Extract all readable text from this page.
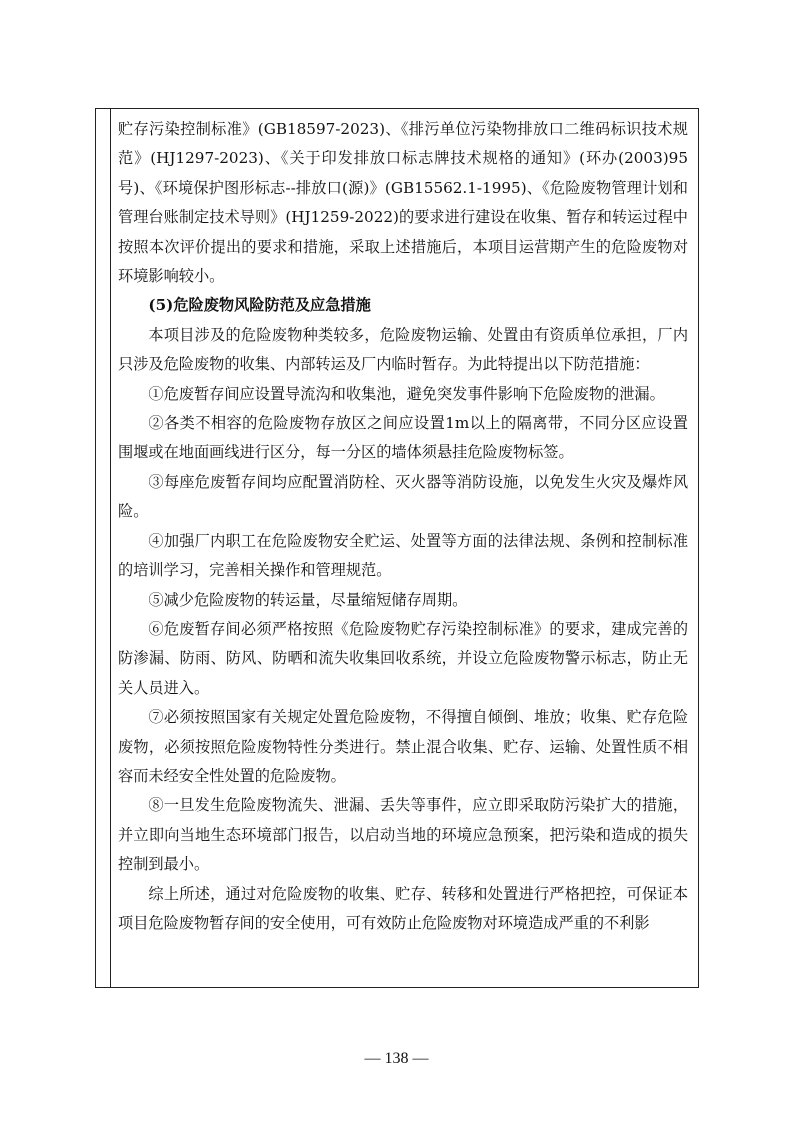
贮存污染控制标准》(GB18597-2023)、《排污单位污染物排放口二维码标识技术规范》(HJ1297-2023)、《关于印发排放口标志牌技术规格的通知》(环办(2003)95号)、《环境保护图形标志--排放口(源)》(GB15562.1-1995)、《危险废物管理计划和管理台账制定技术导则》(HJ1259-2022)的要求进行建设在收集、暂存和转运过程中按照本次评价提出的要求和措施，采取上述措施后，本项目运营期产生的危险废物对环境影响较小。

(5)危险废物风险防范及应急措施

本项目涉及的危险废物种类较多，危险废物运输、处置由有资质单位承担，厂内只涉及危险废物的收集、内部转运及厂内临时暂存。为此特提出以下防范措施：

①危废暂存间应设置导流沟和收集池，避免突发事件影响下危险废物的泄漏。

②各类不相容的危险废物存放区之间应设置1m以上的隔离带，不同分区应设置围堰或在地面画线进行区分，每一分区的墙体须悬挂危险废物标签。

③每座危废暂存间均应配置消防栓、灭火器等消防设施，以免发生火灾及爆炸风险。

④加强厂内职工在危险废物安全贮运、处置等方面的法律法规、条例和控制标准的培训学习，完善相关操作和管理规范。

⑤减少危险废物的转运量，尽量缩短储存周期。

⑥危废暂存间必须严格按照《危险废物贮存污染控制标准》的要求，建成完善的防渗漏、防雨、防风、防晒和流失收集回收系统，并设立危险废物警示标志，防止无关人员进入。

⑦必须按照国家有关规定处置危险废物，不得擅自倾倒、堆放；收集、贮存危险废物，必须按照危险废物特性分类进行。禁止混合收集、贮存、运输、处置性质不相容而未经安全性处置的危险废物。

⑧一旦发生危险废物流失、泄漏、丢失等事件，应立即采取防污染扩大的措施，并立即向当地生态环境部门报告，以启动当地的环境应急预案，把污染和造成的损失控制到最小。

综上所述，通过对危险废物的收集、贮存、转移和处置进行严格把控，可保证本项目危险废物暂存间的安全使用，可有效防止危险废物对环境造成严重的不利影

— 138 —
